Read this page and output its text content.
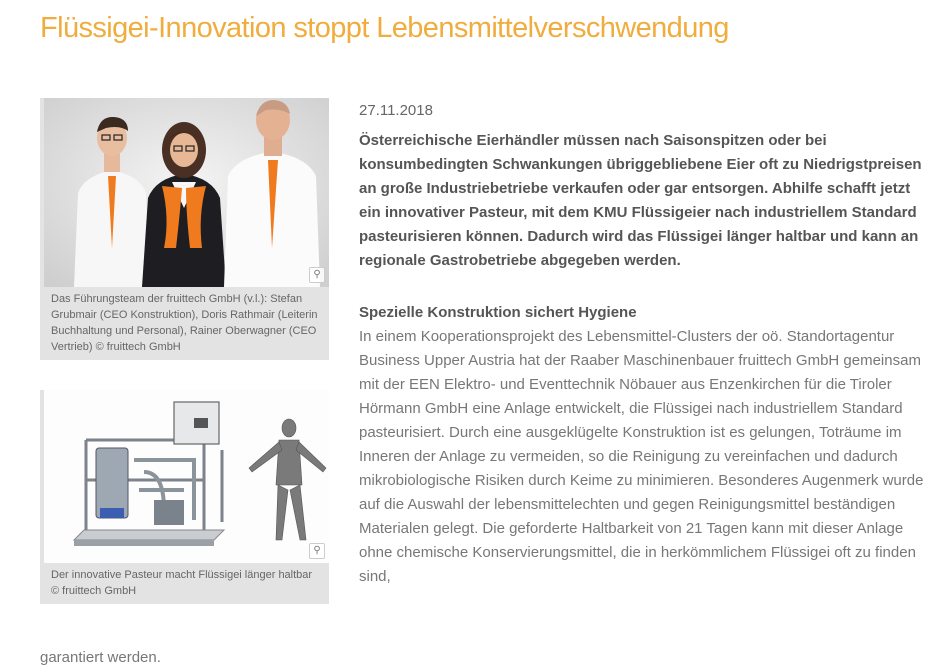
Flüssigei-Innovation stoppt Lebensmittelverschwendung
⚲

Das Führungsteam der fruittech GmbH (v.l.): Stefan Grubmair (CEO Konstruktion), Doris Rathmair (Leiterin Buchhaltung und Personal), Rainer Oberwagner (CEO Vertrieb) © fruittech GmbH

⚲

Der innovative Pasteur macht Flüssigei länger haltbar © fruittech GmbH

27.11.2018

Österreichische Eierhändler müssen nach Saisonspitzen oder bei konsumbedingten Schwankungen übriggebliebene Eier oft zu Niedrigstpreisen an große Industriebetriebe verkaufen oder gar entsorgen. Abhilfe schafft jetzt ein innovativer Pasteur, mit dem KMU Flüssigeier nach industriellem Standard pasteurisieren können. Dadurch wird das Flüssigei länger haltbar und kann an regionale Gastrobetriebe abgegeben werden.

Spezielle Konstruktion sichert Hygiene

In einem Kooperationsprojekt des Lebensmittel-Clusters der oö. Standortagentur Business Upper Austria hat der Raaber Maschinenbauer fruittech GmbH gemeinsam mit der EEN Elektro- und Eventtechnik Nöbauer aus Enzenkirchen für die Tiroler Hörmann GmbH eine Anlage entwickelt, die Flüssigei nach industriellem Standard pasteurisiert. Durch eine ausgeklügelte Konstruktion ist es gelungen, Toträume im Inneren der Anlage zu vermeiden, so die Reinigung zu vereinfachen und dadurch mikrobiologische Risiken durch Keime zu minimieren. Besonderes Augenmerk wurde auf die Auswahl der lebensmittelechten und gegen Reinigungsmittel beständigen Materialen gelegt. Die geforderte Haltbarkeit von 21 Tagen kann mit dieser Anlage ohne chemische Konservierungsmittel, die in herkömmlichem Flüssigei oft zu finden sind,

garantiert werden.
